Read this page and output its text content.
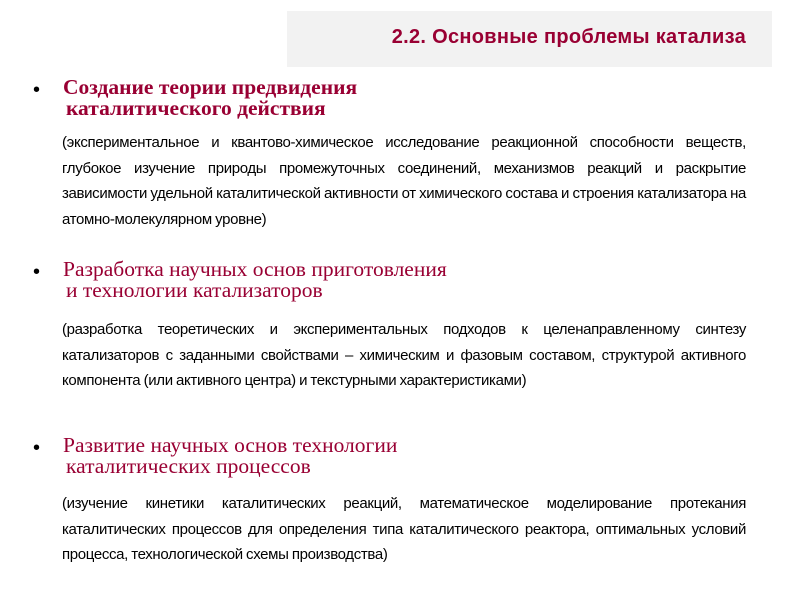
2.2. Основные проблемы катализа
• Создание теории предвидения
каталитического действия
(экспериментальное и квантово-химическое исследование реакционной способности веществ, глубокое изучение природы промежуточных соединений, механизмов реакций и раскрытие зависимости удельной каталитической активности от химического состава и строения катализатора на атомно-молекулярном уровне)
• Разработка научных основ приготовления
и технологии катализаторов
(разработка теоретических и экспериментальных подходов к целенаправленному синтезу катализаторов с заданными свойствами – химическим и фазовым составом, структурой активного компонента (или активного центра) и текстурными характеристиками)
• Развитие научных основ технологии
каталитических процессов
(изучение кинетики каталитических реакций, математическое моделирование протекания каталитических процессов для определения типа каталитического реактора, оптимальных условий процесса, технологической схемы производства)
